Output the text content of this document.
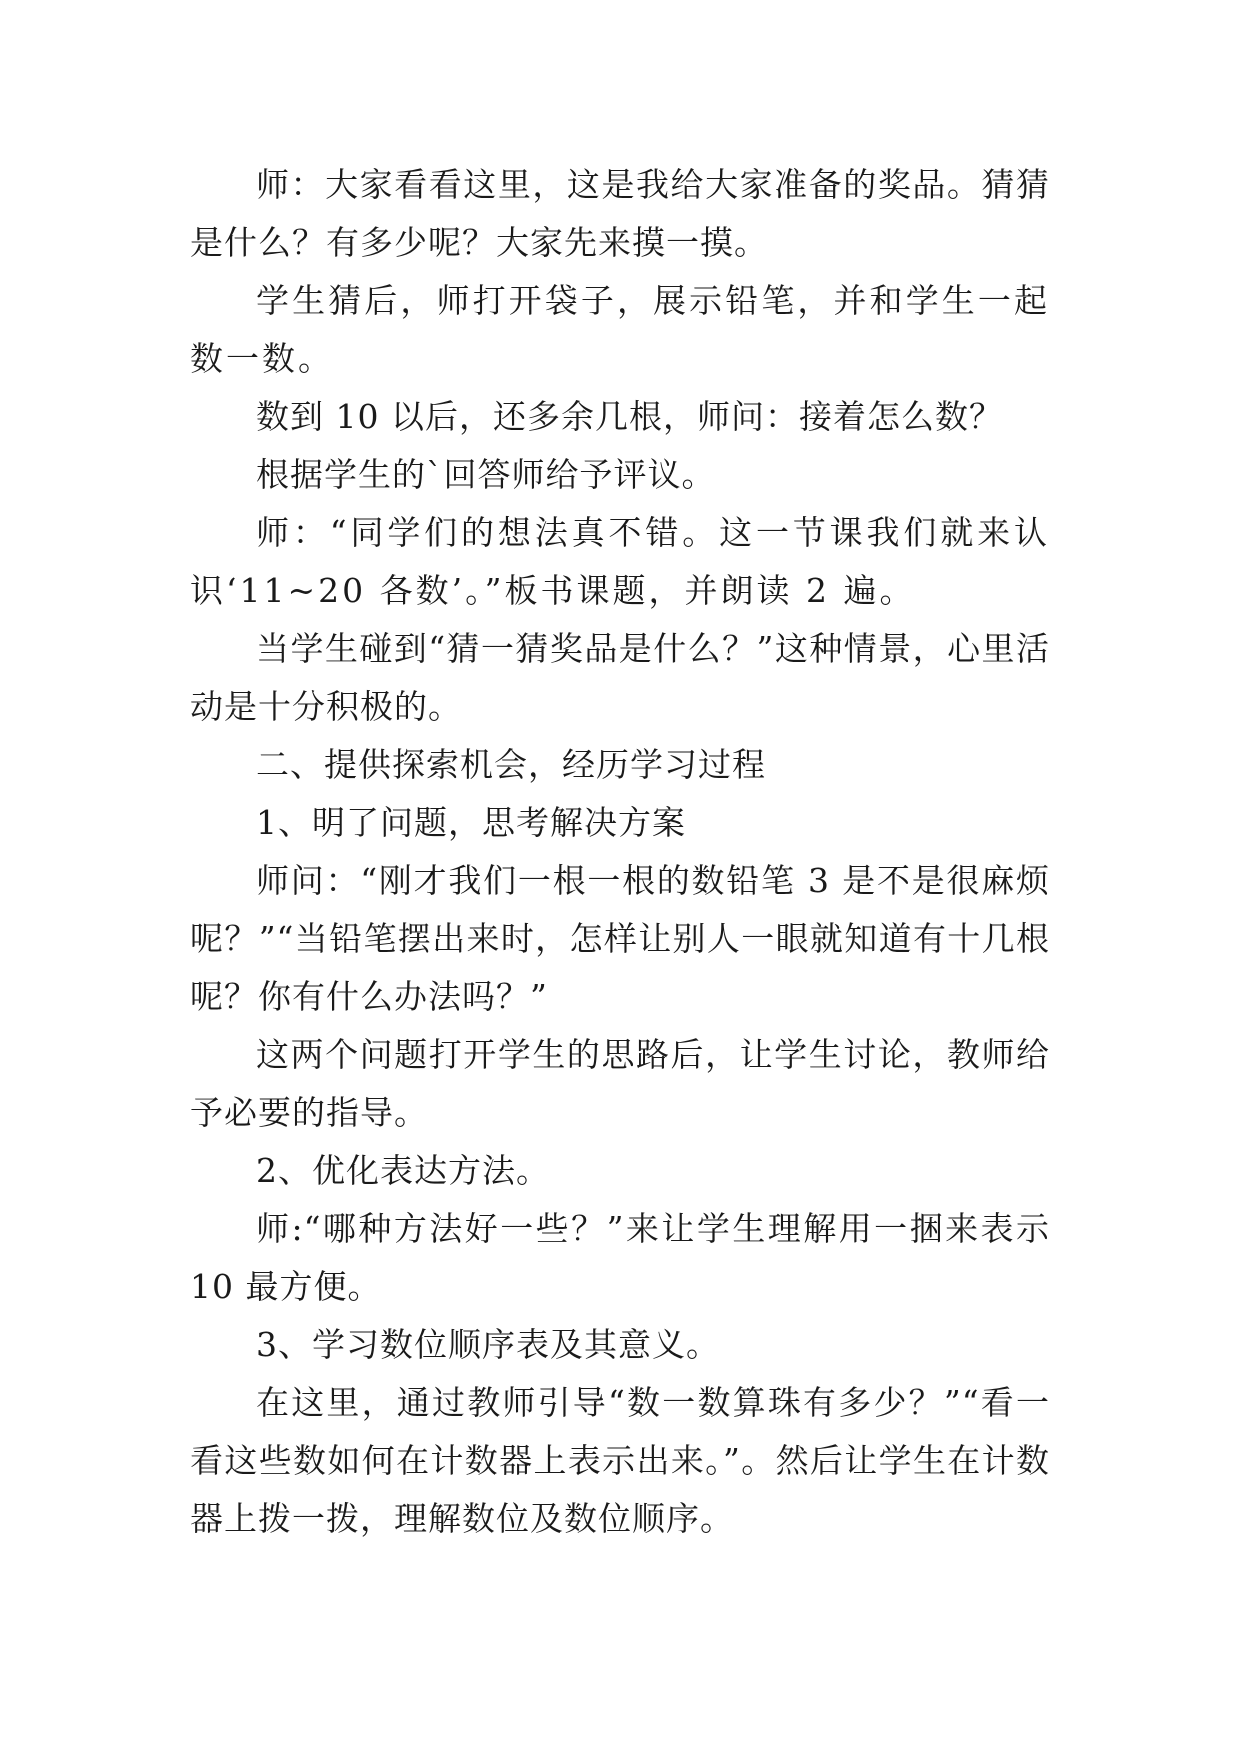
师：大家看看这里，这是我给大家准备的奖品。猜猜是什么？有多少呢？大家先来摸一摸。

学生猜后，师打开袋子，展示铅笔，并和学生一起数一数。

数到 10 以后，还多余几根，师问：接着怎么数？

根据学生的`回答师给予评议。

师：“同学们的想法真不错。这一节课我们就来认识‘11~20 各数’。”板书课题，并朗读 2 遍。

当学生碰到“猜一猜奖品是什么？”这种情景，心里活动是十分积极的。

二、提供探索机会，经历学习过程

1、明了问题，思考解决方案

师问：“刚才我们一根一根的数铅笔 3 是不是很麻烦呢？”“当铅笔摆出来时，怎样让别人一眼就知道有十几根呢？你有什么办法吗？”

这两个问题打开学生的思路后，让学生讨论，教师给予必要的指导。

2、优化表达方法。

师:“哪种方法好一些？”来让学生理解用一捆来表示 10 最方便。

3、学习数位顺序表及其意义。

在这里，通过教师引导“数一数算珠有多少？”“看一看这些数如何在计数器上表示出来。”。然后让学生在计数器上拨一拨，理解数位及数位顺序。
